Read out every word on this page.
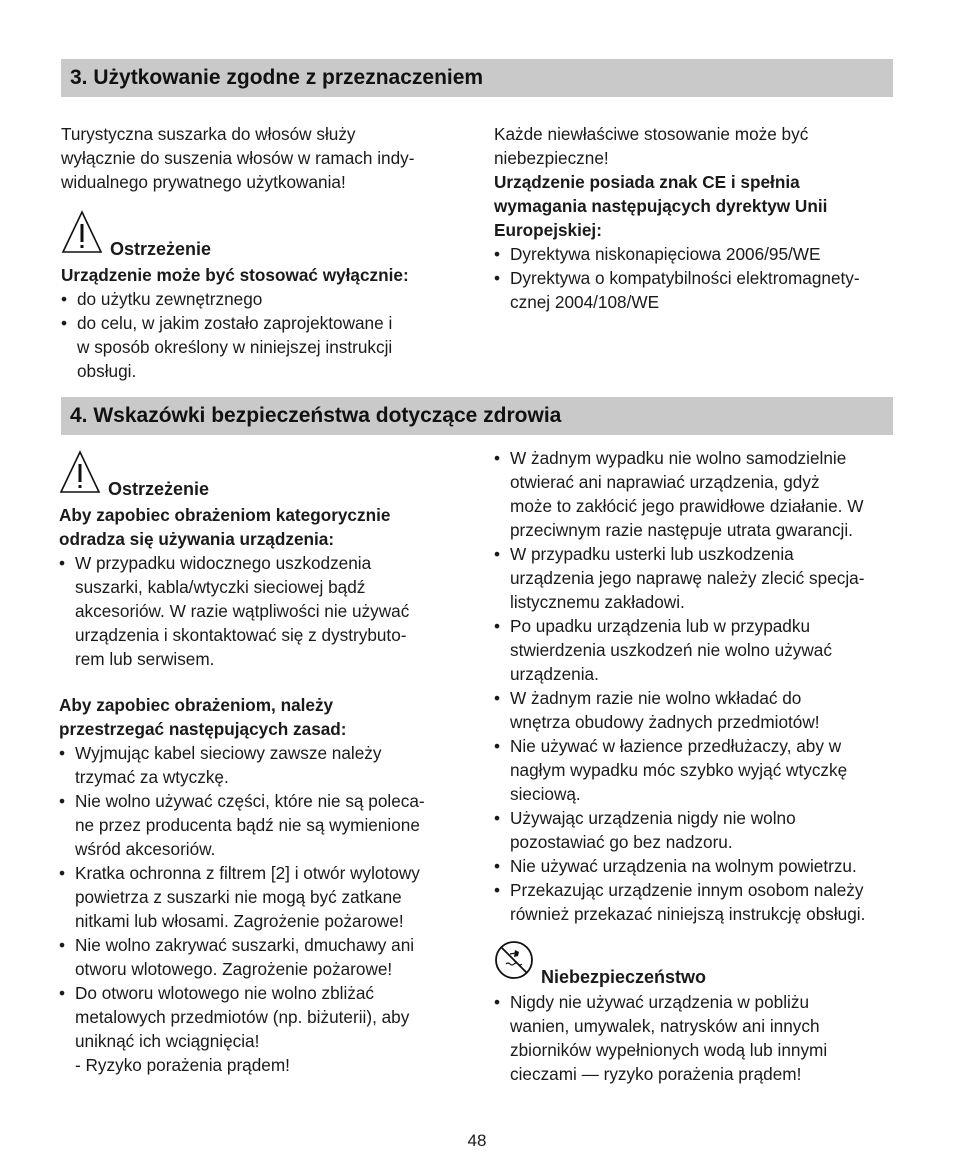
3. Użytkowanie zgodne z przeznaczeniem

Turystyczna suszarka do włosów służy
wyłącznie do suszenia włosów w ramach indy-
widualnego prywatnego użytkowania!

Ostrzeżenie

Urządzenie może być stosować wyłącznie:

• do użytku zewnętrznego
• do celu, w jakim zostało zaprojektowane i
w sposób określony w niniejszej instrukcji
obsługi.

Każde niewłaściwe stosowanie może być
niebezpieczne!

Urządzenie posiada znak CE i spełnia
wymagania następujących dyrektyw Unii
Europejskiej:

• Dyrektywa niskonapięciowa 2006/95/WE
• Dyrektywa o kompatybilności elektromagnety-
cznej 2004/108/WE
4. Wskazówki bezpieczeństwa dotyczące zdrowia
Ostrzeżenie

Aby zapobiec obrażeniom kategorycznie
odradza się używania urządzenia:

• W przypadku widocznego uszkodzenia
suszarki, kabla/wtyczki sieciowej bądź
akcesoriów. W razie wątpliwości nie używać
urządzenia i skontaktować się z dystrybuto-
rem lub serwisem.

Aby zapobiec obrażeniom, należy
przestrzegać następujących zasad:

• Wyjmując kabel sieciowy zawsze należy
trzymać za wtyczkę.
• Nie wolno używać części, które nie są poleca-
ne przez producenta bądź nie są wymienione
wśród akcesoriów.
• Kratka ochronna z filtrem [2] i otwór wylotowy
powietrza z suszarki nie mogą być zatkane
nitkami lub włosami. Zagrożenie pożarowe!
• Nie wolno zakrywać suszarki, dmuchawy ani
otworu wlotowego. Zagrożenie pożarowe!
• Do otworu wlotowego nie wolno zbliżać
metalowych przedmiotów (np. biżuterii), aby
uniknąć ich wciągnięcia!

- Ryzyko porażenia prądem!

• W żadnym wypadku nie wolno samodzielnie
otwierać ani naprawiać urządzenia, gdyż
może to zakłócić jego prawidłowe działanie. W
przeciwnym razie następuje utrata gwarancji.
• W przypadku usterki lub uszkodzenia
urządzenia jego naprawę należy zlecić specja-
listycznemu zakładowi.
• Po upadku urządzenia lub w przypadku
stwierdzenia uszkodzeń nie wolno używać
urządzenia.
• W żadnym razie nie wolno wkładać do
wnętrza obudowy żadnych przedmiotów!
• Nie używać w łazience przedłużaczy, aby w
nagłym wypadku móc szybko wyjąć wtyczkę
sieciową.
• Używając urządzenia nigdy nie wolno
pozostawiać go bez nadzoru.
• Nie używać urządzenia na wolnym powietrzu.
• Przekazując urządzenie innym osobom należy
również przekazać niniejszą instrukcję obsługi.
Niebezpieczeństwo
• Nigdy nie używać urządzenia w pobliżu
wanien, umywalek, natrysków ani innych
zbiorników wypełnionych wodą lub innymi
cieczami — ryzyko porażenia prądem!
48
